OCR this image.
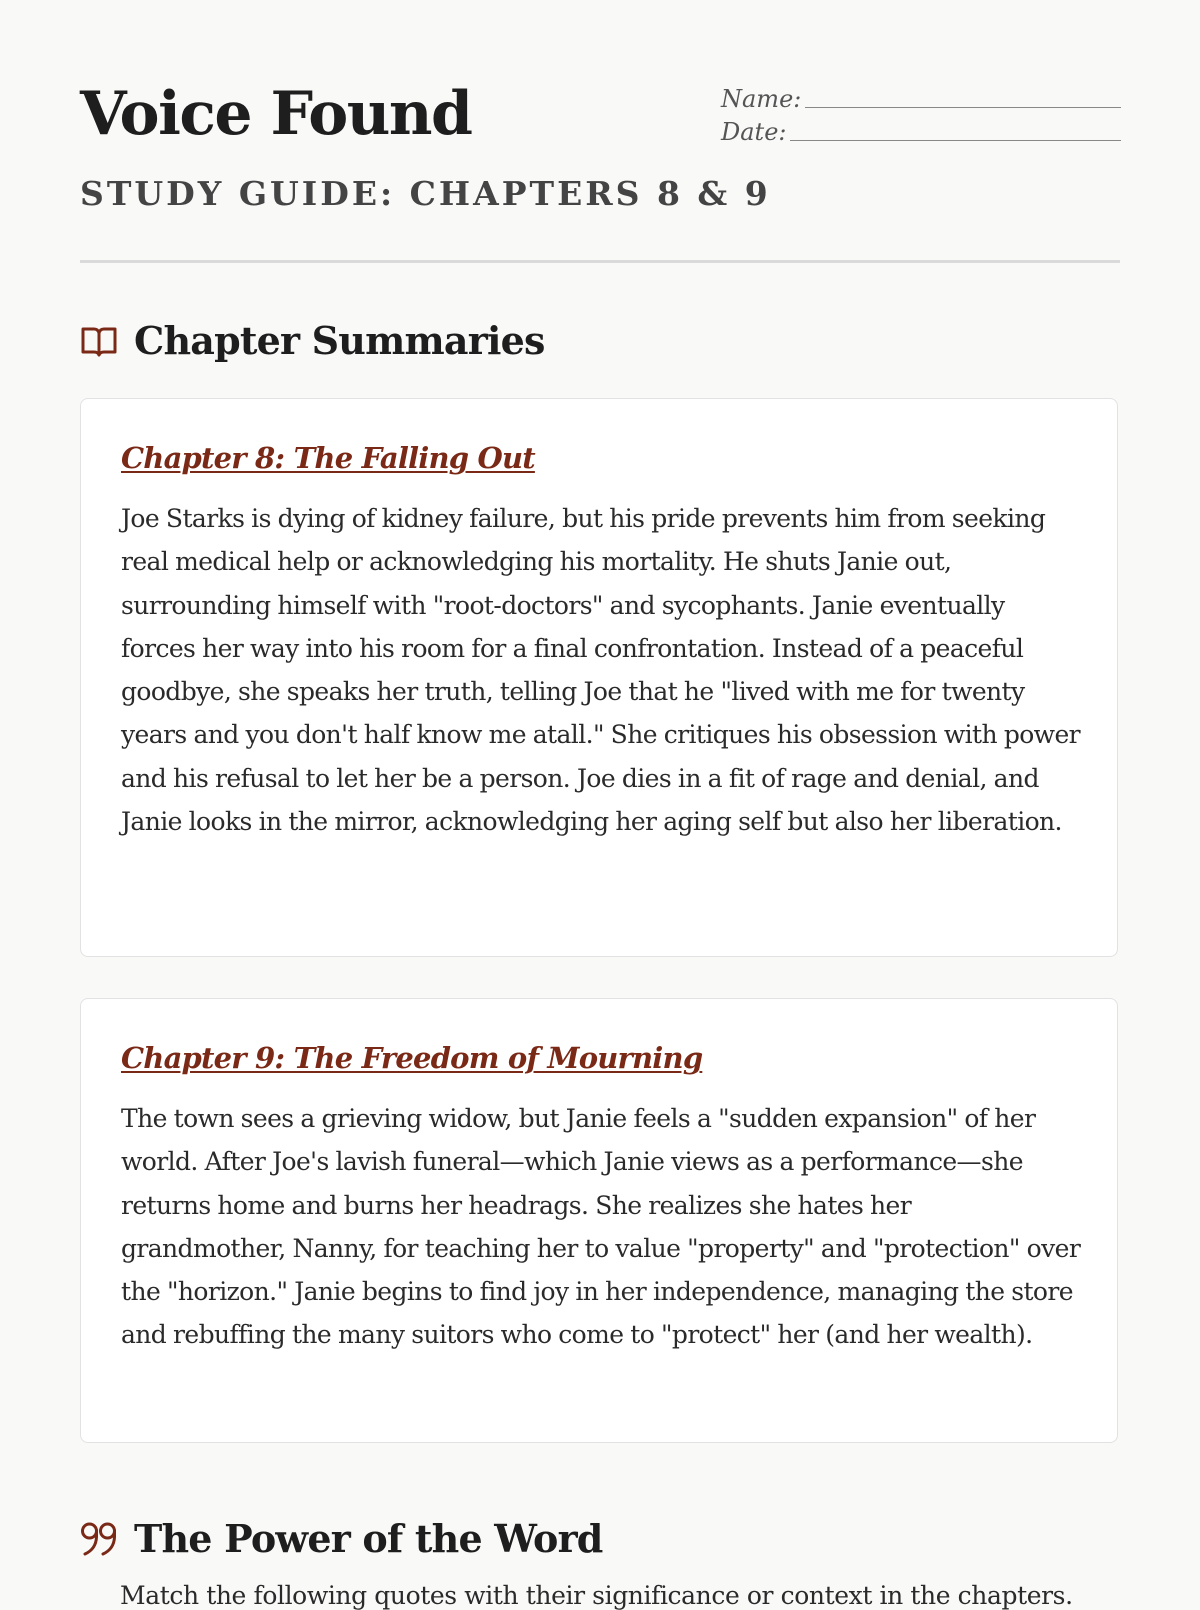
Voice Found
STUDY GUIDE: CHAPTERS 8 & 9
Name:
Date:
Chapter Summaries
Chapter 8: The Falling Out

Joe Starks is dying of kidney failure, but his pride prevents him from seeking real medical help or acknowledging his mortality. He shuts Janie out, surrounding himself with "root-doctors" and sycophants. Janie eventually forces her way into his room for a final confrontation. Instead of a peaceful goodbye, she speaks her truth, telling Joe that he "lived with me for twenty years and you don't half know me atall." She critiques his obsession with power and his refusal to let her be a person. Joe dies in a fit of rage and denial, and Janie looks in the mirror, acknowledging her aging self but also her liberation.

Chapter 9: The Freedom of Mourning

The town sees a grieving widow, but Janie feels a "sudden expansion" of her world. After Joe's lavish funeral—which Janie views as a performance—she returns home and burns her headrags. She realizes she hates her grandmother, Nanny, for teaching her to value "property" and "protection" over the "horizon." Janie begins to find joy in her independence, managing the store and rebuffing the many suitors who come to "protect" her (and her wealth).

The Power of the Word

Match the following quotes with their significance or context in the chapters.
